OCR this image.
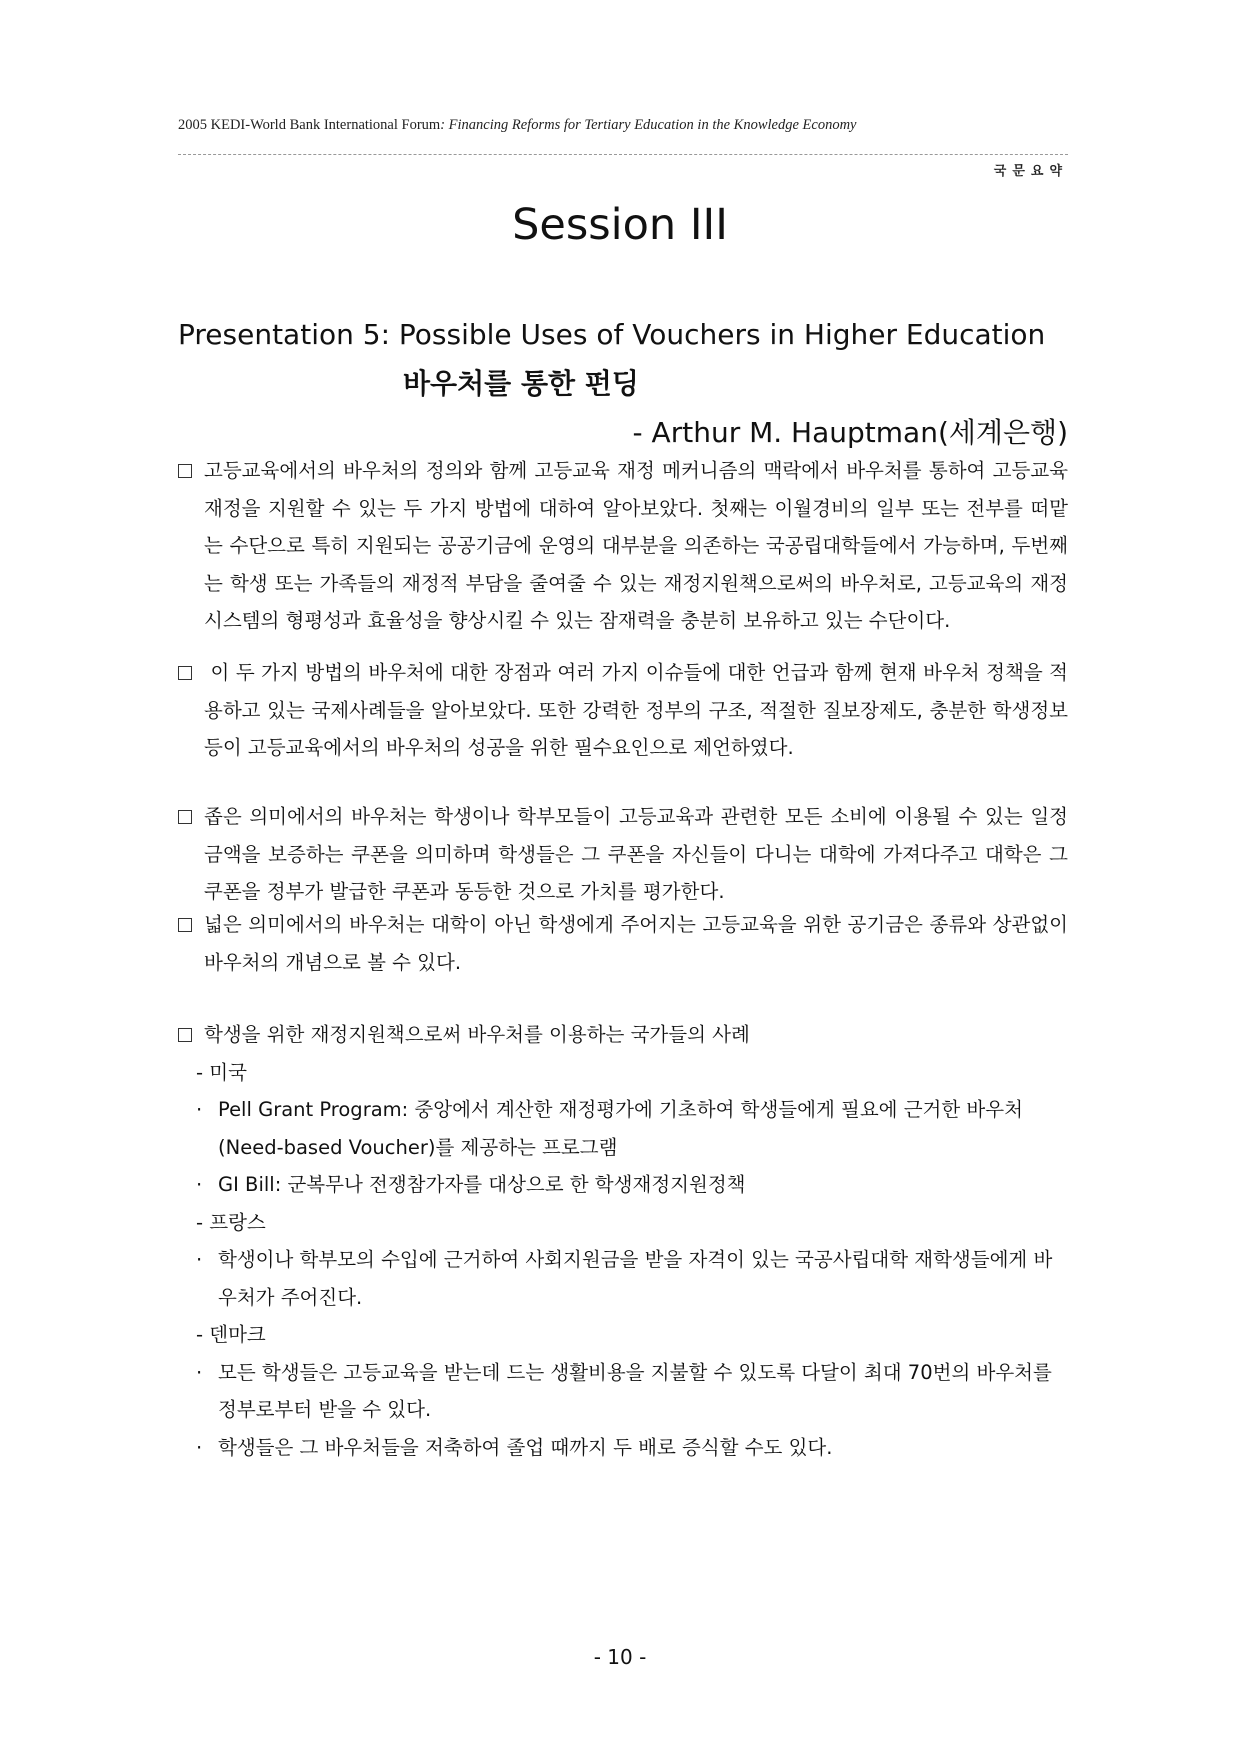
2005 KEDI-World Bank International Forum: Financing Reforms for Tertiary Education in the Knowledge Economy
국문요약
Session III
Presentation 5: Possible Uses of Vouchers in Higher Education
바우처를 통한 펀딩
- Arthur M. Hauptman(세계은행)
고등교육에서의 바우처의 정의와 함께 고등교육 재정 메커니즘의 맥락에서 바우처를 통하여 고등교육재정을 지원할 수 있는 두 가지 방법에 대하여 알아보았다. 첫째는 이월경비의 일부 또는 전부를 떠맡는 수단으로 특히 지원되는 공공기금에 운영의 대부분을 의존하는 국공립대학들에서 가능하며, 두번째는 학생 또는 가족들의 재정적 부담을 줄여줄 수 있는 재정지원책으로써의 바우처로, 고등교육의 재정시스템의 형평성과 효율성을 향상시킬 수 있는 잠재력을 충분히 보유하고 있는 수단이다.
이 두 가지 방법의 바우처에 대한 장점과 여러 가지 이슈들에 대한 언급과 함께 현재 바우처 정책을 적용하고 있는 국제사례들을 알아보았다. 또한 강력한 정부의 구조, 적절한 질보장제도, 충분한 학생정보 등이 고등교육에서의 바우처의 성공을 위한 필수요인으로 제언하였다.
좁은 의미에서의 바우처는 학생이나 학부모들이 고등교육과 관련한 모든 소비에 이용될 수 있는 일정 금액을 보증하는 쿠폰을 의미하며 학생들은 그 쿠폰을 자신들이 다니는 대학에 가져다주고 대학은 그 쿠폰을 정부가 발급한 쿠폰과 동등한 것으로 가치를 평가한다.
넓은 의미에서의 바우처는 대학이 아닌 학생에게 주어지는 고등교육을 위한 공기금은 종류와 상관없이 바우처의 개념으로 볼 수 있다.
학생을 위한 재정지원책으로써 바우처를 이용하는 국가들의 사례
- 미국
· Pell Grant Program: 중앙에서 계산한 재정평가에 기초하여 학생들에게 필요에 근거한 바우처(Need-based Voucher)를 제공하는 프로그램
· GI Bill: 군복무나 전쟁참가자를 대상으로 한 학생재정지원정책
- 프랑스
· 학생이나 학부모의 수입에 근거하여 사회지원금을 받을 자격이 있는 국공사립대학 재학생들에게 바우처가 주어진다.
- 덴마크
· 모든 학생들은 고등교육을 받는데 드는 생활비용을 지불할 수 있도록 다달이 최대 70번의 바우처를 정부로부터 받을 수 있다.
· 학생들은 그 바우처들을 저축하여 졸업 때까지 두 배로 증식할 수도 있다.
- 10 -
